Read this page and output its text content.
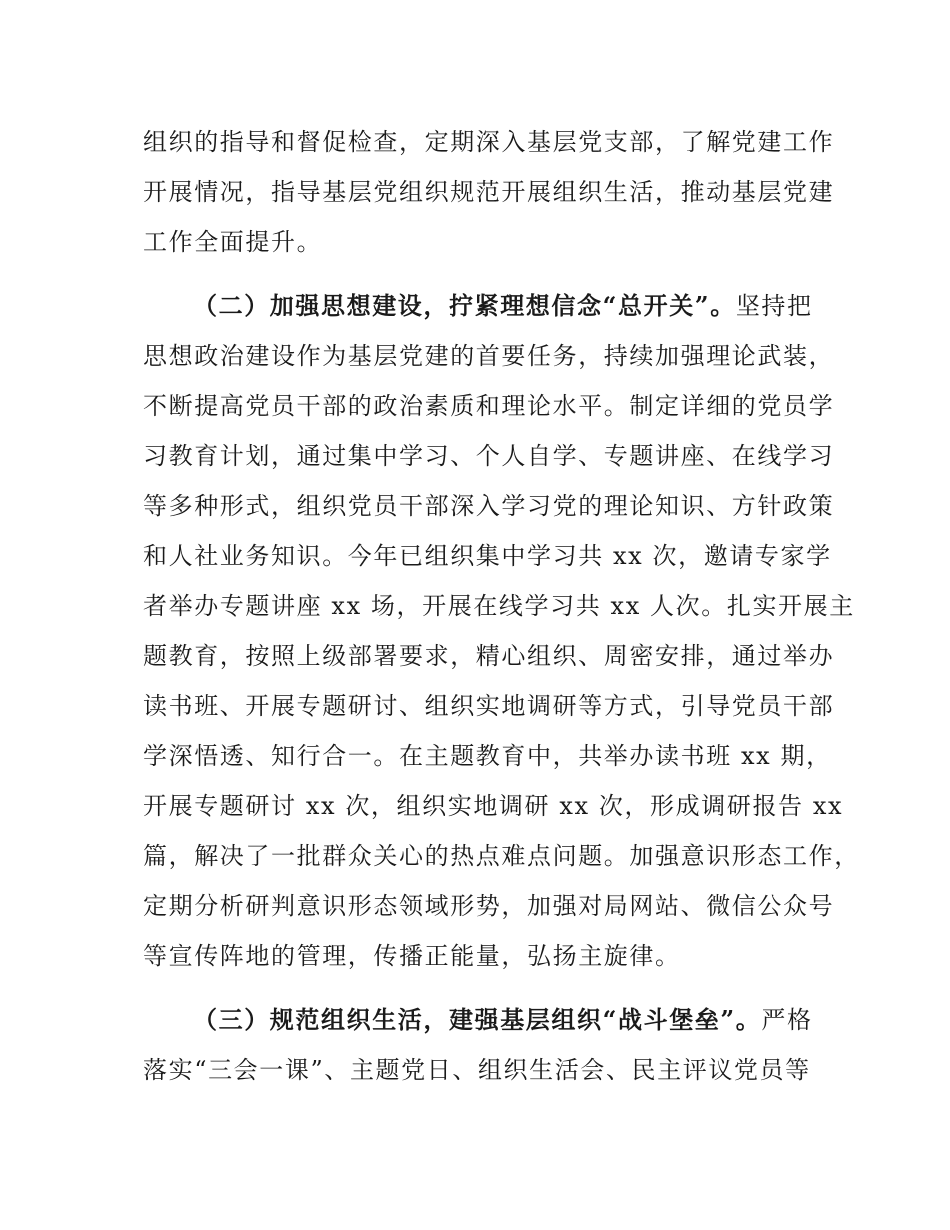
组织的指导和督促检查，定期深入基层党支部，了解党建工作
开展情况，指导基层党组织规范开展组织生活，推动基层党建
工作全面提升。
（二）加强思想建设，拧紧理想信念“总开关”。坚持把
思想政治建设作为基层党建的首要任务，持续加强理论武装，
不断提高党员干部的政治素质和理论水平。制定详细的党员学
习教育计划，通过集中学习、个人自学、专题讲座、在线学习
等多种形式，组织党员干部深入学习党的理论知识、方针政策
和人社业务知识。今年已组织集中学习共 xx 次，邀请专家学
者举办专题讲座 xx 场，开展在线学习共 xx 人次。扎实开展主
题教育，按照上级部署要求，精心组织、周密安排，通过举办
读书班、开展专题研讨、组织实地调研等方式，引导党员干部
学深悟透、知行合一。在主题教育中，共举办读书班 xx 期，
开展专题研讨 xx 次，组织实地调研 xx 次，形成调研报告 xx
篇，解决了一批群众关心的热点难点问题。加强意识形态工作，
定期分析研判意识形态领域形势，加强对局网站、微信公众号
等宣传阵地的管理，传播正能量，弘扬主旋律。
（三）规范组织生活，建强基层组织“战斗堡垒”。严格
落实“三会一课”、主题党日、组织生活会、民主评议党员等
